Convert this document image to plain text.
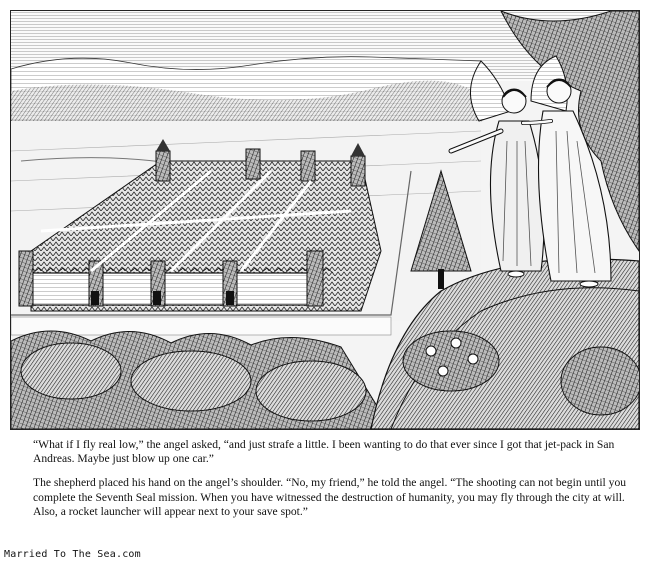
“What if I fly real low,” the angel asked, “and just strafe a little. I been wanting to do that ever since I got that jet-pack in San Andreas. Maybe just blow up one car.”

The shepherd placed his hand on the angel’s shoulder. “No, my friend,” he told the angel. “The shooting can not begin until you complete the Seventh Seal mission. When you have witnessed the destruction of humanity, you may fly through the city at will. Also, a rocket launcher will appear next to your save spot.”

Married To The Sea.com
